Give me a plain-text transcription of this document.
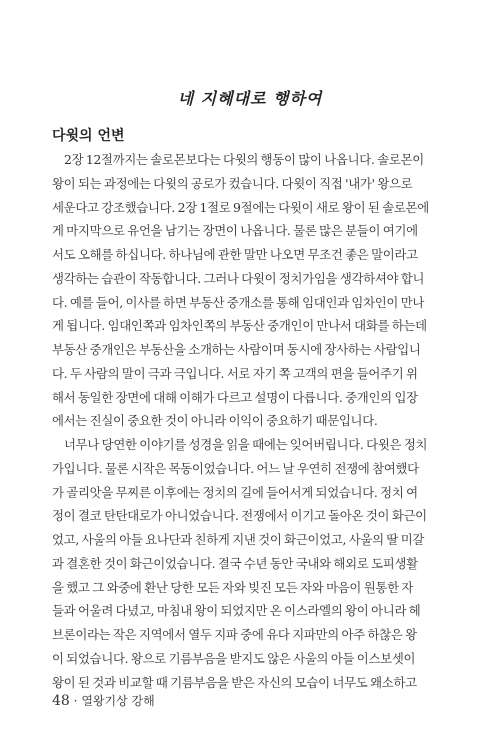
네 지혜대로 행하여
다윗의 언변
2장 12절까지는 솔로몬보다는 다윗의 행동이 많이 나옵니다. 솔로몬이
왕이 되는 과정에는 다윗의 공로가 컸습니다. 다윗이 직접 '내가' 왕으로
세운다고 강조했습니다. 2장 1절로 9절에는 다윗이 새로 왕이 된 솔로몬에
게 마지막으로 유언을 남기는 장면이 나옵니다. 물론 많은 분들이 여기에
서도 오해를 하십니다. 하나님에 관한 말만 나오면 무조건 좋은 말이라고
생각하는 습관이 작동합니다. 그러나 다윗이 정치가임을 생각하셔야 합니
다. 예를 들어, 이사를 하면 부동산 중개소를 통해 임대인과 임차인이 만나
게 됩니다. 임대인쪽과 임차인쪽의 부동산 중개인이 만나서 대화를 하는데
부동산 중개인은 부동산을 소개하는 사람이며 동시에 장사하는 사람입니
다. 두 사람의 말이 극과 극입니다. 서로 자기 쪽 고객의 편을 들어주기 위
해서 동일한 장면에 대해 이해가 다르고 설명이 다릅니다. 중개인의 입장
에서는 진실이 중요한 것이 아니라 이익이 중요하기 때문입니다.
너무나 당연한 이야기를 성경을 읽을 때에는 잊어버립니다. 다윗은 정치
가입니다. 물론 시작은 목동이었습니다. 어느 날 우연히 전쟁에 참여했다
가 골리앗을 무찌른 이후에는 정치의 길에 들어서게 되었습니다. 정치 여
정이 결코 탄탄대로가 아니었습니다. 전쟁에서 이기고 돌아온 것이 화근이
었고, 사울의 아들 요나단과 친하게 지낸 것이 화근이었고, 사울의 딸 미갈
과 결혼한 것이 화근이었습니다. 결국 수년 동안 국내와 해외로 도피생활
을 했고 그 와중에 환난 당한 모든 자와 빚진 모든 자와 마음이 원통한 자
들과 어울려 다녔고, 마침내 왕이 되었지만 온 이스라엘의 왕이 아니라 헤
브론이라는 작은 지역에서 열두 지파 중에 유다 지파만의 아주 하찮은 왕
이 되었습니다. 왕으로 기름부음을 받지도 않은 사울의 아들 이스보셋이
왕이 된 것과 비교할 때 기름부음을 받은 자신의 모습이 너무도 왜소하고
48 · 열왕기상 강해
